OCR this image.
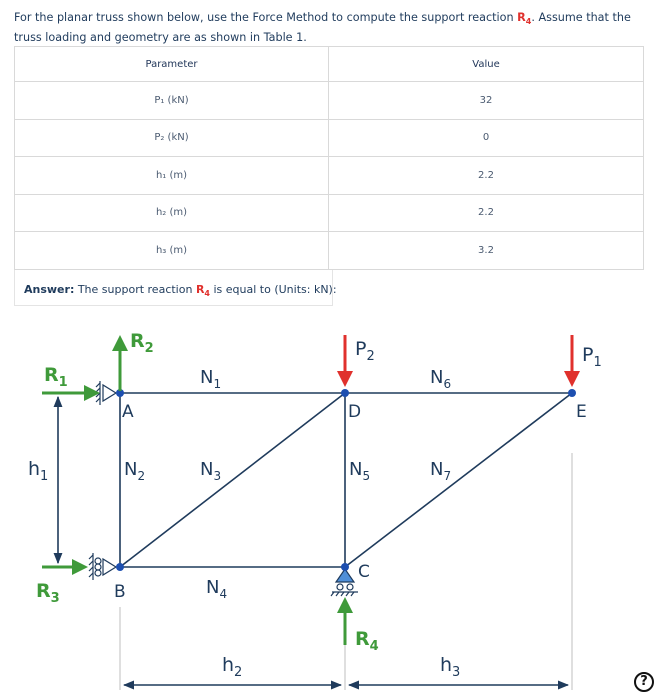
For the planar truss shown below, use the Force Method to compute the support reaction $R_4$. Assume that the truss loading and geometry are as shown in Table 1.
Parameter	Value
P₁ (kN)	32
P₂ (kN)	0
h₁ (m)	2.2
h₂ (m)	2.2
h₃ (m)	3.2
Answer: The support reaction $R_4$ is equal to (Units: kN):
A
B
C
D	E
$N_1$
$N_2$	$N_3$
$N_4$
$N_5$
$N_6$
$N_7$
$P_2$	$P_1$
$R_2$
$R_1$
$R_3$
$R_4$
$h_1$
$h_2$	$h_3$
?
